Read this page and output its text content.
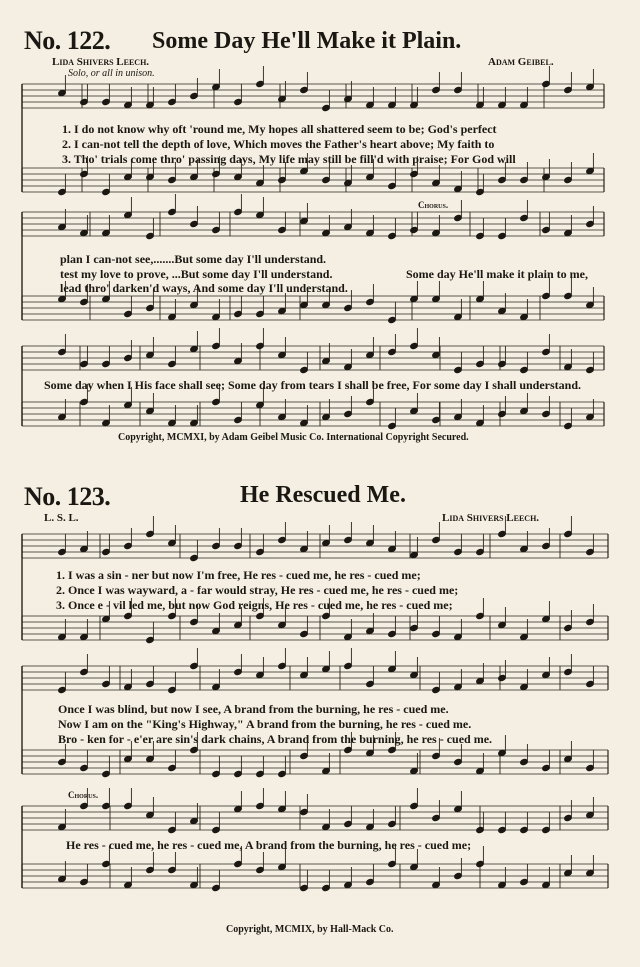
No. 122. Some Day He'll Make it Plain.
Lida Shivers Leech.	Adam Geibel.
Solo, or all in unison.
1. I do not know why oft 'round me, My hopes all shattered seem to be; God's perfect
2. I can-not tell the depth of love, Which moves the Father's heart above; My faith to
3. Tho' trials come thro' passing days, My life may still be fill'd with praise; For God will
plan I can-not see,.......But some day I'll understand.
test my love to prove, ...But some day I'll understand.
lead thro' darken'd ways, And some day I'll understand.
Chorus.
Some day He'll make it plain to me,
Some day when I His face shall see; Some day from tears I shall be free, For some day I shall understand.
Copyright, MCMXI, by Adam Geibel Music Co. International Copyright Secured.
No. 123.	He Rescued Me.
L. S. L.	Lida Shivers Leech.
1. I was a sin - ner but now I'm free, He res - cued me, he res - cued me;
2. Once I was wayward, a - far would stray, He res - cued me, he res - cued me;
3. Once e - vil led me, but now God reigns, He res - cued me, he res - cued me;
Once I was blind, but now I see, A brand from the burning, he res - cued me.
Now I am on the "King's Highway," A brand from the burning, he res - cued me.
Bro - ken for - e'er are sin's dark chains, A brand from the burning, he res - cued me.
Chorus.
He res - cued me, he res - cued me, A brand from the burning, he res - cued me;
Copyright, MCMIX, by Hall-Mack Co.
